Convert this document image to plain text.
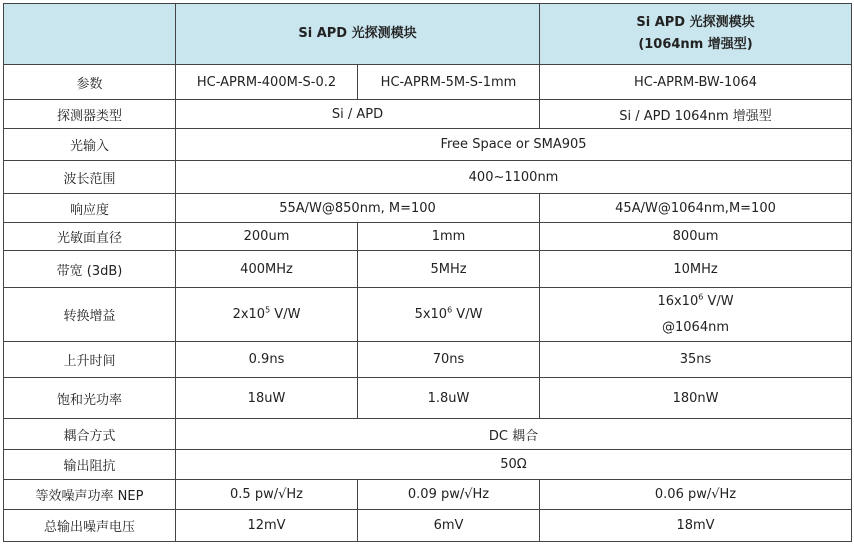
	Si APD 光探测模块		Si APD 光探测模块
(1064nm 增强型)

参数	HC-APRM-400M-S-0.2	HC-APRM-5M-S-1mm	HC-APRM-BW-1064
探测器类型	Si / APD		Si / APD 1064nm 增强型
光输入	Free Space or SMA905		
波长范围	400~1100nm		
响应度	55A/W@850nm, M=100		45A/W@1064nm,M=100
光敏面直径	200um	1mm	800um
带宽 (3dB)	400MHz	5MHz	10MHz
转换增益	$2x10^5$ V/W	$5x10^6$ V/W	$16x10^6$ V/W
@1064nm

上升时间	0.9ns	70ns	35ns
饱和光功率	18uW	1.8uW	180nW
耦合方式	DC 耦合		
输出阻抗	50Ω		
等效噪声功率 NEP	0.5 pw/√Hz	0.09 pw/√Hz	0.06 pw/√Hz
总输出噪声电压	12mV	6mV	18mV
